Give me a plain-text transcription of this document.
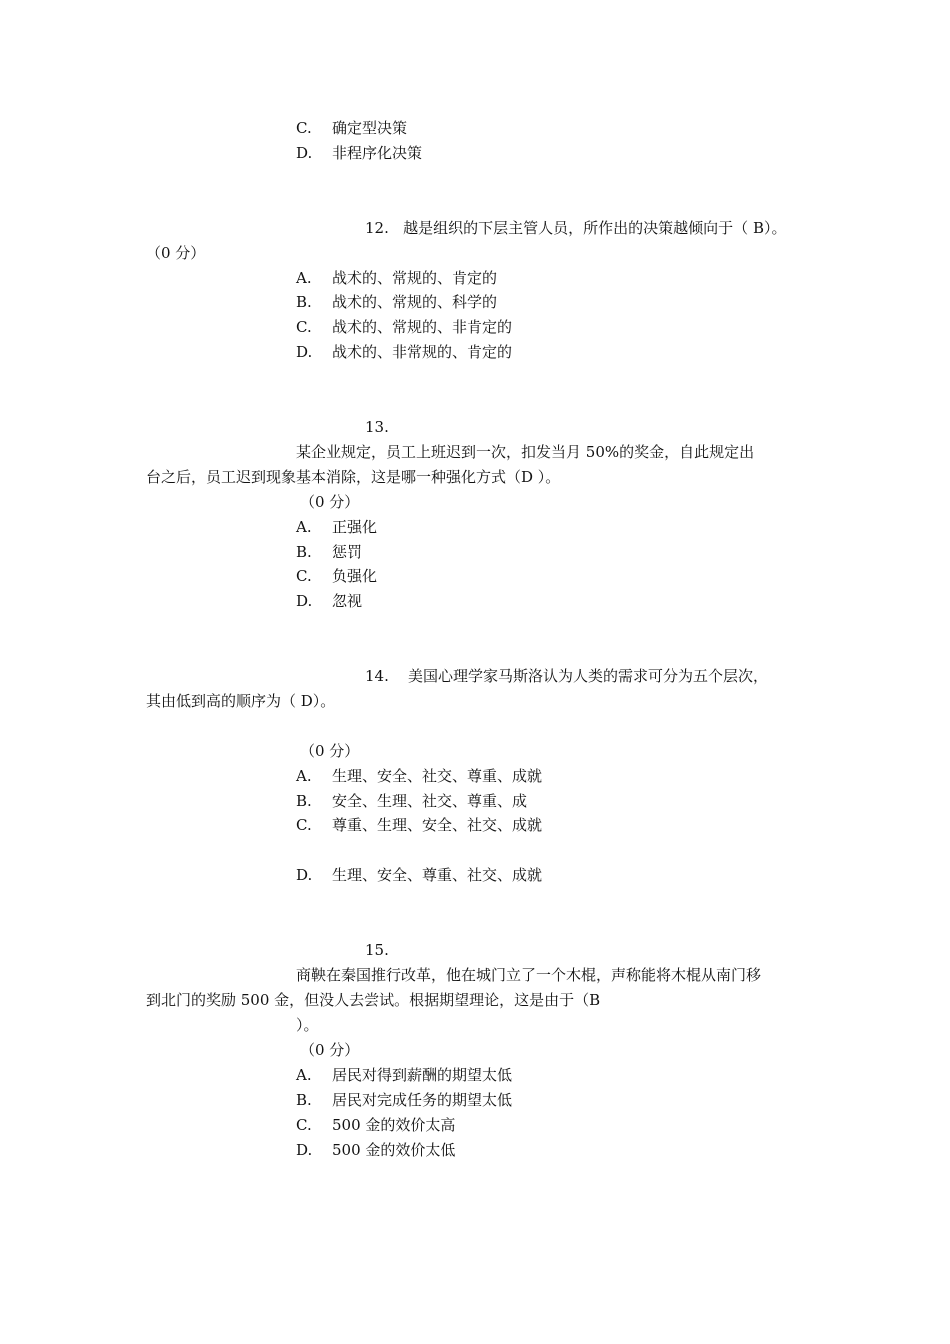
C. 确定型决策
D. 非程序化决策
12. 越是组织的下层主管人员，所作出的决策越倾向于（ B）。
（0 分）
A. 战术的、常规的、肯定的
B. 战术的、常规的、科学的
C. 战术的、常规的、非肯定的
D. 战术的、非常规的、肯定的
13.
某企业规定，员工上班迟到一次，扣发当月 50%的奖金，自此规定出
台之后，员工迟到现象基本消除，这是哪一种强化方式（D ）。
（0 分）
A. 正强化
B. 惩罚
C. 负强化
D. 忽视
14. 美国心理学家马斯洛认为人类的需求可分为五个层次，
其由低到高的顺序为（ D）。
（0 分）
A. 生理、安全、社交、尊重、成就
B. 安全、生理、社交、尊重、成
C. 尊重、生理、安全、社交、成就
D. 生理、安全、尊重、社交、成就
15.
商鞅在秦国推行改革，他在城门立了一个木棍，声称能将木棍从南门移
到北门的奖励 500 金，但没人去尝试。根据期望理论，这是由于（B
）。
（0 分）
A. 居民对得到薪酬的期望太低
B. 居民对完成任务的期望太低
C. 500 金的效价太高
D. 500 金的效价太低
